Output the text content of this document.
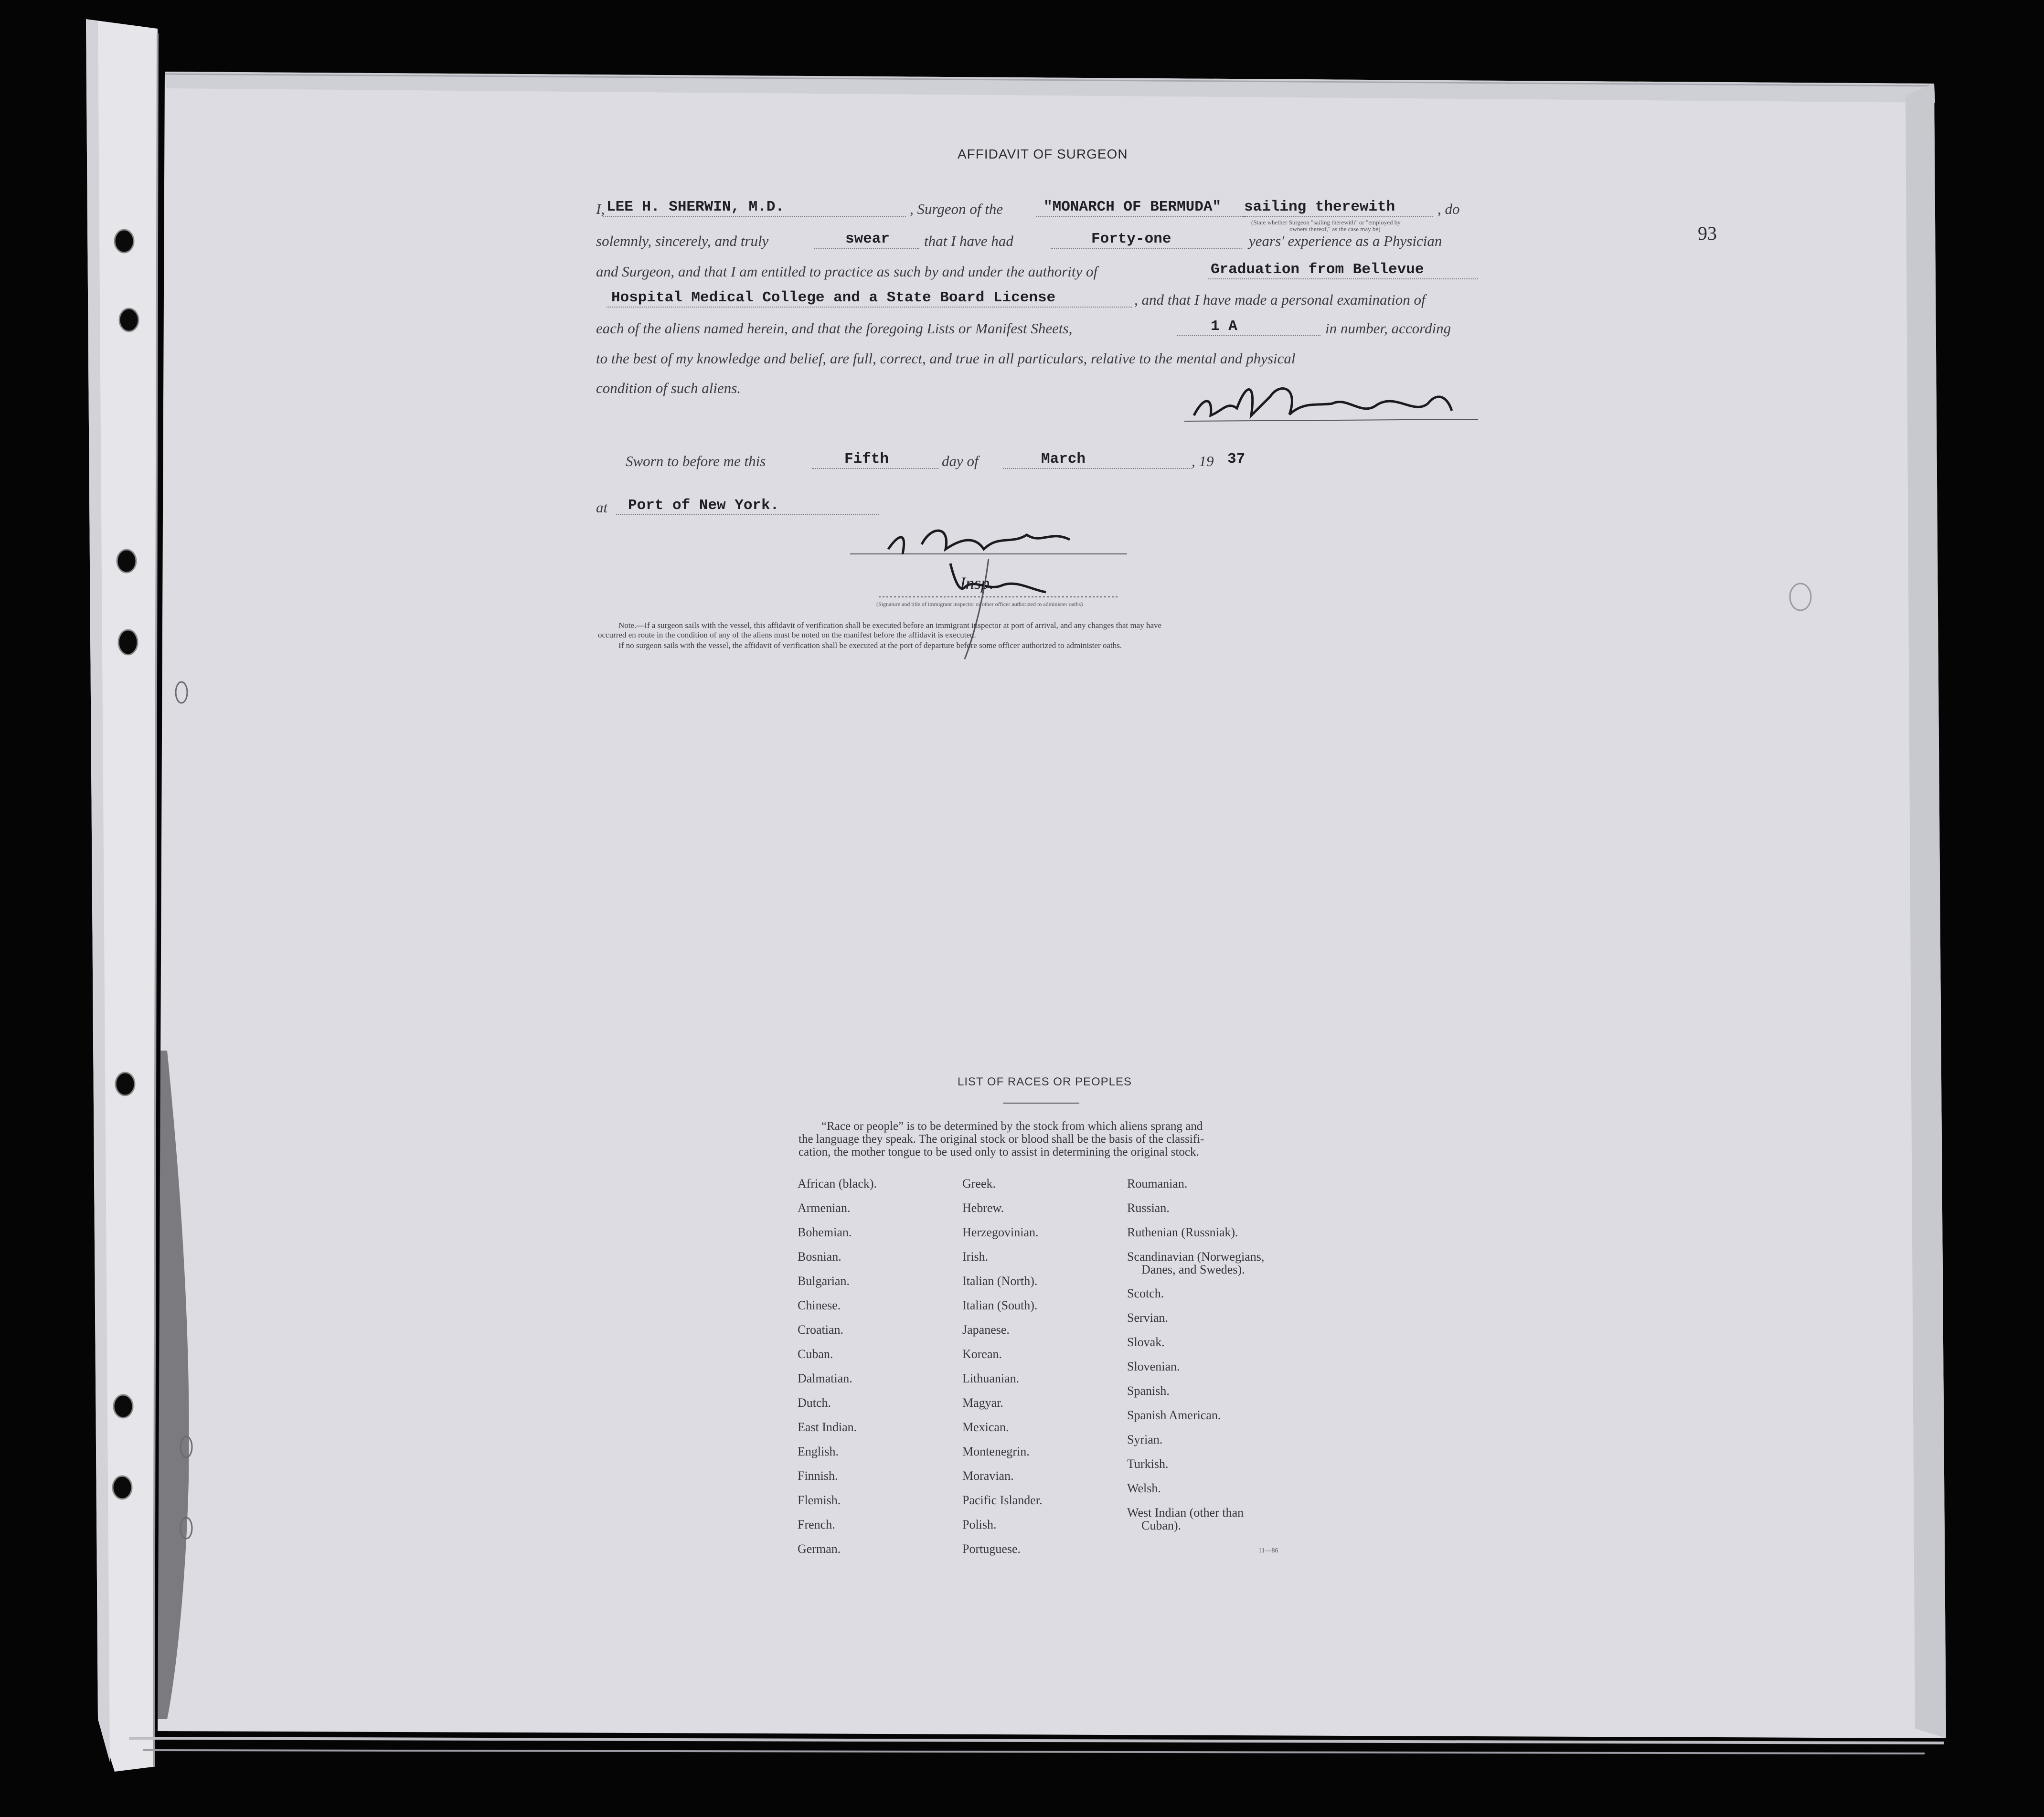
93
AFFIDAVIT OF SURGEON
I, LEE H. SHERWIN, M.D.	, Surgeon of the	"MONARCH OF BERMUDA" sailing therewith	, do
(State whether Surgeon "sailing therewith" or "employed by
owners thereof," as the case may be)
solemnly, sincerely, and truly	swear that I have had	Forty-one	years' experience as a Physician
and Surgeon, and that I am entitled to practice as such by and under the authority of	Graduation from Bellevue
Hospital Medical College and a State Board License	, and that I have made a personal examination of
each of the aliens named herein, and that the foregoing Lists or Manifest Sheets,	1 A	in number, according
to the best of my knowledge and belief, are full, correct, and true in all particulars, relative to the mental and physical
condition of such aliens.
Sworn to before me this	Fifth	day of	March	, 19 37
at Port of New York.
Insp.
(Signature and title of immigrant inspector or other officer authorized to administer oaths)
Note.—If a surgeon sails with the vessel, this affidavit of verification shall be executed before an immigrant inspector at port of arrival, and any changes that may have
occurred en route in the condition of any of the aliens must be noted on the manifest before the affidavit is executed.
If no surgeon sails with the vessel, the affidavit of verification shall be executed at the port of departure before some officer authorized to administer oaths.
LIST OF RACES OR PEOPLES
“Race or people” is to be determined by the stock from which aliens sprang and
the language they speak. The original stock or blood shall be the basis of the classifi-
cation, the mother tongue to be used only to assist in determining the original stock.
African (black).
Armenian.
Bohemian.
Bosnian.
Bulgarian.
Chinese.
Croatian.
Cuban.
Dalmatian.
Dutch.
East Indian.
English.
Finnish.
Flemish.
French.
German.
Greek.
Hebrew.
Herzegovinian.
Irish.
Italian (North).
Italian (South).
Japanese.
Korean.
Lithuanian.
Magyar.
Mexican.
Montenegrin.
Moravian.
Pacific Islander.
Polish.
Portuguese.
Roumanian.
Russian.
Ruthenian (Russniak).
Scandinavian (Norwegians,
Danes, and Swedes).
Scotch.
Servian.
Slovak.
Slovenian.
Spanish.
Spanish American.
Syrian.
Turkish.
Welsh.
West Indian (other than
Cuban).
11—86
